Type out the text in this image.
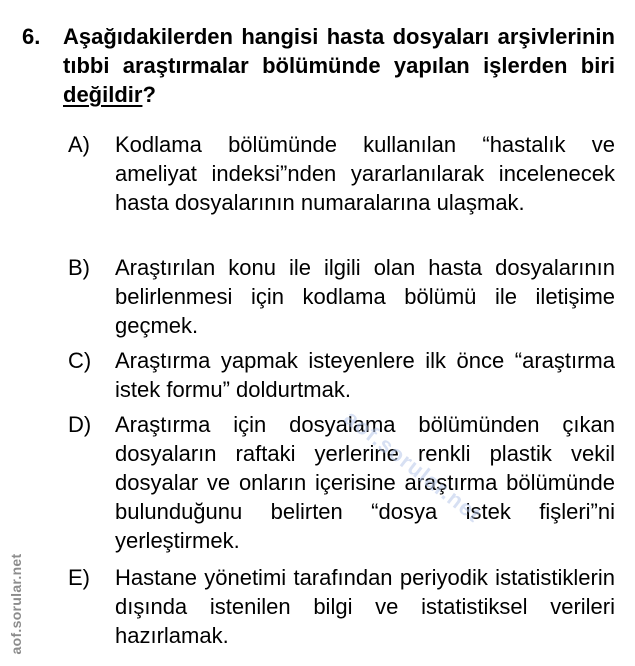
6. Aşağıdakilerden hangisi hasta dosyaları arşivlerinin tıbbi araştırmalar bölümünde yapılan işlerden biri değildir?
A) Kodlama bölümünde kullanılan “hastalık ve ameliyat indeksi”nden yararlanılarak incelenecek hasta dosyalarının numaralarına ulaşmak.
B) Araştırılan konu ile ilgili olan hasta dosyalarının belirlenmesi için kodlama bölümü ile iletişime geçmek.
C) Araştırma yapmak isteyenlere ilk önce “araştırma istek formu” doldurtmak.
D) Araştırma için dosyalama bölümünden çıkan dosyaların raftaki yerlerine renkli plastik vekil dosyalar ve onların içerisine araştırma bölümünde bulunduğunu belirten “dosya istek fişleri”ni yerleştirmek.
E) Hastane yönetimi tarafından periyodik istatistiklerin dışında istenilen bilgi ve istatistiksel verileri hazırlamak.
aof.sorular.net
aof.sorular.net
